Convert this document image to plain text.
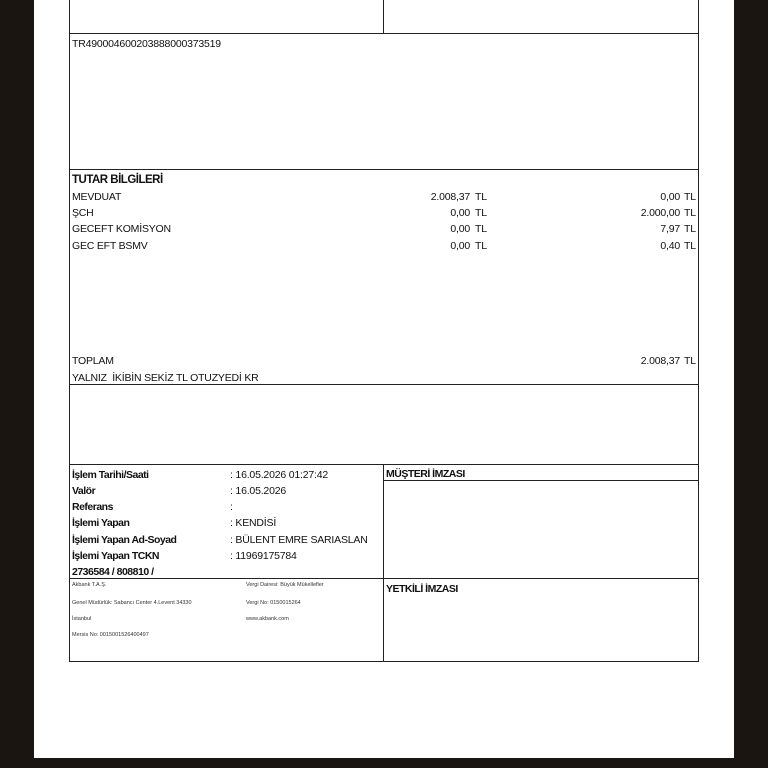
TR490004600203888000373519
TUTAR BİLGİLERİ
MEVDUAT	2.008,37 TL	0,00 TL
ŞCH	0,00 TL	2.000,00 TL
GECEFT KOMİSYON	0,00 TL	7,97 TL
GEC EFT BSMV	0,00 TL	0,40 TL
TOPLAM	2.008,37 TL
YALNIZ  İKİBİN SEKİZ TL OTUZYEDİ KR
İşlem Tarihi/Saati	: 16.05.2026 01:27:42
Valör	: 16.05.2026
Referans	:
İşlemi Yapan	: KENDİSİ
İşlemi Yapan Ad-Soyad	: BÜLENT EMRE SARIASLAN
İşlemi Yapan TCKN	: 11969175784
2736584 / 808810 /
MÜŞTERİ İMZASI
YETKİLİ İMZASI
Akbank T.A.Ş.
Genel Müdürlük: Sabancı Center 4.Levent 34330
İstanbul
Mersis No: 0015001526400497
Vergi Dairesi: Büyük Mükellefler
Vergi No: 0150015264
www.akbank.com
